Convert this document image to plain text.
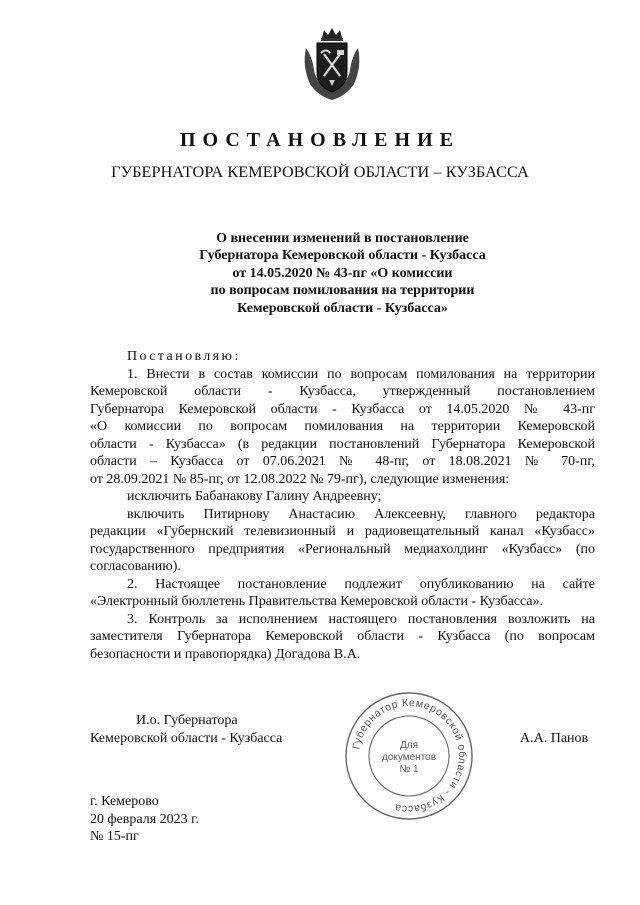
ПОСТАНОВЛЕНИЕ
ГУБЕРНАТОРА КЕМЕРОВСКОЙ ОБЛАСТИ – КУЗБАССА
О внесении изменений в постановление
Губернатора Кемеровской области - Кузбасса
от 14.05.2020 № 43-пг «О комиссии
по вопросам помилования на территории
Кемеровской области - Кузбасса»

Постановляю:

1. Внести в состав комиссии по вопросам помилования на территории

Кемеровской области - Кузбасса, утвержденный постановлением

Губернатора Кемеровской области - Кузбасса от 14.05.2020 № 43-пг

«О комиссии по вопросам помилования на территории Кемеровской

области - Кузбасса» (в редакции постановлений Губернатора Кемеровской

области – Кузбасса от 07.06.2021 № 48-пг, от 18.08.2021 № 70-пг,

от 28.09.2021 № 85-пг, от 12.08.2022 № 79-пг), следующие изменения:

исключить Бабанакову Галину Андреевну;

включить Питирнову Анастасию Алексеевну, главного редактора

редакции «Губернский телевизионный и радиовещательный канал «Кузбасс»

государственного предприятия «Региональный медиахолдинг «Кузбасс» (по

согласованию).

2. Настоящее постановление подлежит опубликованию на сайте

«Электронный бюллетень Правительства Кемеровской области - Кузбасса».

3. Контроль за исполнением настоящего постановления возложить на

заместителя Губернатора Кемеровской области - Кузбасса (по вопросам

безопасности и правопорядка) Догадова В.А.

И.о. Губернатора
Кемеровской области - Кузбасса	А.А. Панов
Губернатор Кемеровской области - Кузбасса
Для
документов
№ 1
г. Кемерово
20 февраля 2023 г.
№ 15-пг
